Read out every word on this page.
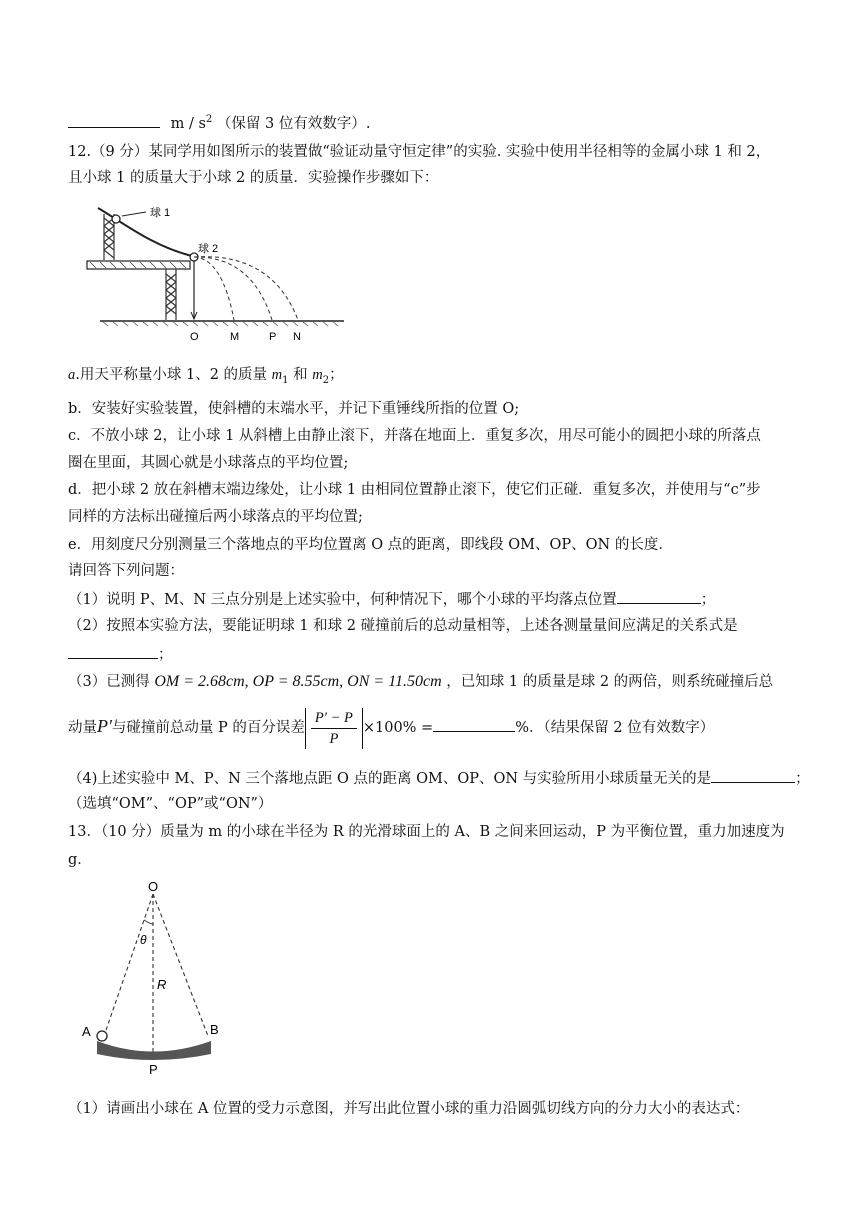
m / $s^2$ （保留 3 位有效数字）.
12.（9 分）某同学用如图所示的装置做“验证动量守恒定律”的实验. 实验中使用半径相等的金属小球 1 和 2，
且小球 1 的质量大于小球 2 的质量．实验操作步骤如下：
球 1
球 2
O	M	P N
a.用天平称量小球 1、2 的质量 $m_1$ 和 $m_2$；
b．安装好实验装置，使斜槽的末端水平，并记下重锤线所指的位置 O;
c．不放小球 2，让小球 1 从斜槽上由静止滚下，并落在地面上．重复多次，用尽可能小的圆把小球的所落点
圈在里面，其圆心就是小球落点的平均位置;
d．把小球 2 放在斜槽末端边缘处，让小球 1 由相同位置静止滚下，使它们正碰．重复多次，并使用与“c”步
同样的方法标出碰撞后两小球落点的平均位置;
e．用刻度尺分别测量三个落地点的平均位置离 O 点的距离，即线段 OM、OP、ON 的长度．
请回答下列问题：
（1）说明 P、M、N 三点分别是上述实验中，何种情况下，哪个小球的平均落点位置	；
（2）按照本实验方法，要能证明球 1 和球 2 碰撞前后的总动量相等，上述各测量量间应满足的关系式是
；
（3）已测得 OM = 2.68cm, OP = 8.55cm, ON = 11.50cm ，已知球 1 的质量是球 2 的两倍，则系统碰撞后总
动量P′与碰撞前总动量 P 的百分误差 $\frac{P' - P}{P} \times 100\%$ =	%．（结果保留 2 位有效数字）
（4)上述实验中 M、P、N 三个落地点距 O 点的距离 OM、OP、ON 与实验所用小球质量无关的是	；
（选填“OM”、“OP”或“ON”）
13．（10 分）质量为 m 的小球在半径为 R 的光滑球面上的 A、B 之间来回运动，P 为平衡位置，重力加速度为
g．
O
θ
R
A	B
P
（1）请画出小球在 A 位置的受力示意图，并写出此位置小球的重力沿圆弧切线方向的分力大小的表达式：
